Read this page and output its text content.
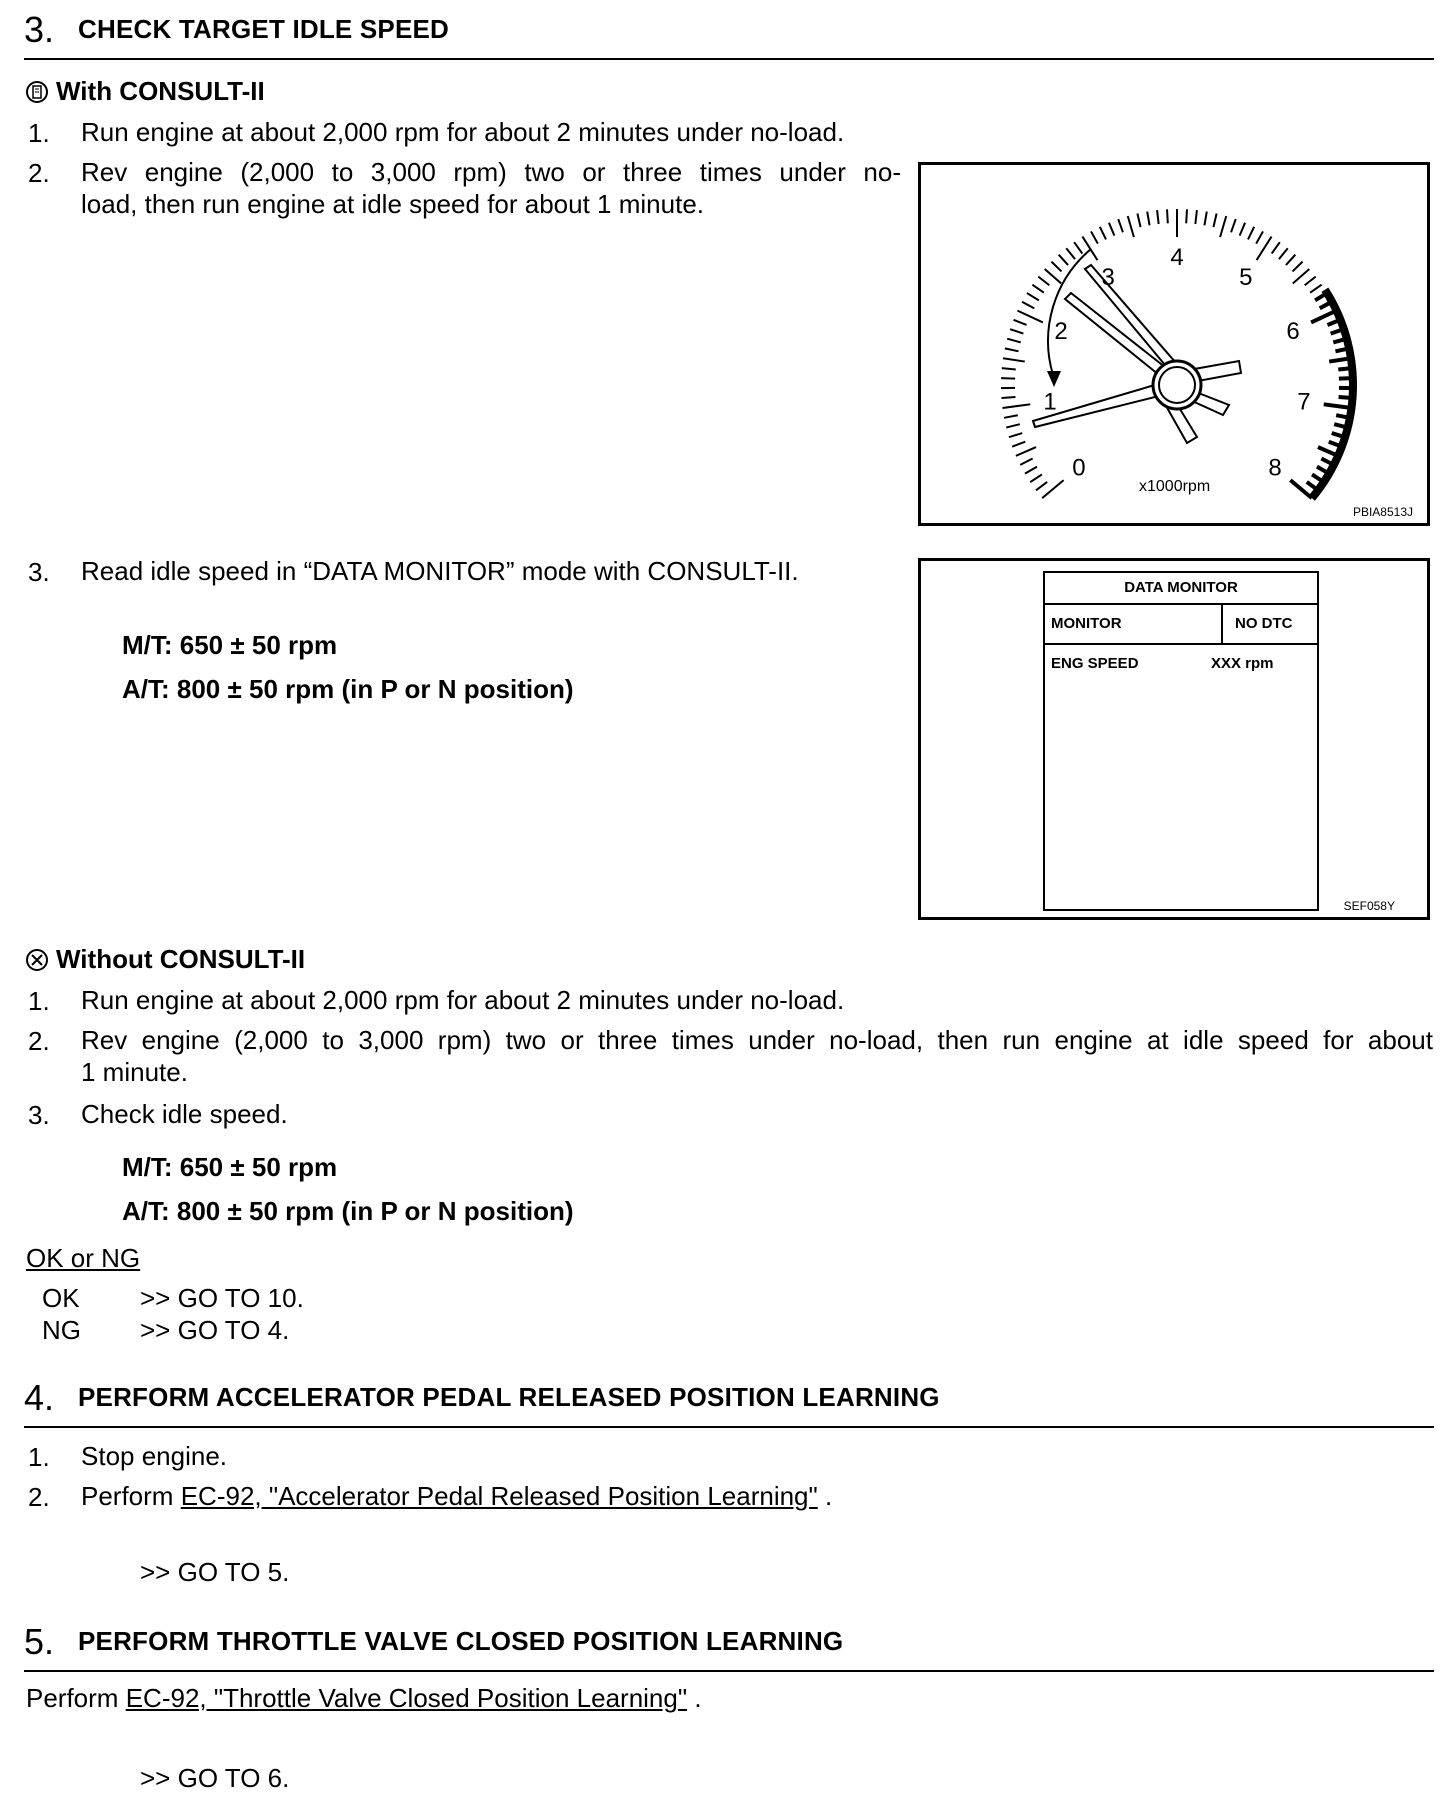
3. CHECK TARGET IDLE SPEED
With CONSULT-II
1. Run engine at about 2,000 rpm for about 2 minutes under no-load.
2. Rev engine (2,000 to 3,000 rpm) two or three times under no-
load, then run engine at idle speed for about 1 minute.
0
1
2
3
4
5
6
7
8
x1000rpm
PBIA8513J
3. Read idle speed in “DATA MONITOR” mode with CONSULT-II.
M/T: 650 ± 50 rpm
A/T: 800 ± 50 rpm (in P or N position)
DATA MONITOR
MONITOR	NO DTC
ENG SPEED	XXX rpm
SEF058Y
Without CONSULT-II
1. Run engine at about 2,000 rpm for about 2 minutes under no-load.
2. Rev engine (2,000 to 3,000 rpm) two or three times under no-load, then run engine at idle speed for about
1 minute.
3. Check idle speed.
M/T: 650 ± 50 rpm
A/T: 800 ± 50 rpm (in P or N position)
OK or NG
OK >> GO TO 10.
NG >> GO TO 4.
4. PERFORM ACCELERATOR PEDAL RELEASED POSITION LEARNING
1. Stop engine.
2. Perform EC-92, "Accelerator Pedal Released Position Learning" .
>> GO TO 5.
5. PERFORM THROTTLE VALVE CLOSED POSITION LEARNING
Perform EC-92, "Throttle Valve Closed Position Learning" .
>> GO TO 6.
